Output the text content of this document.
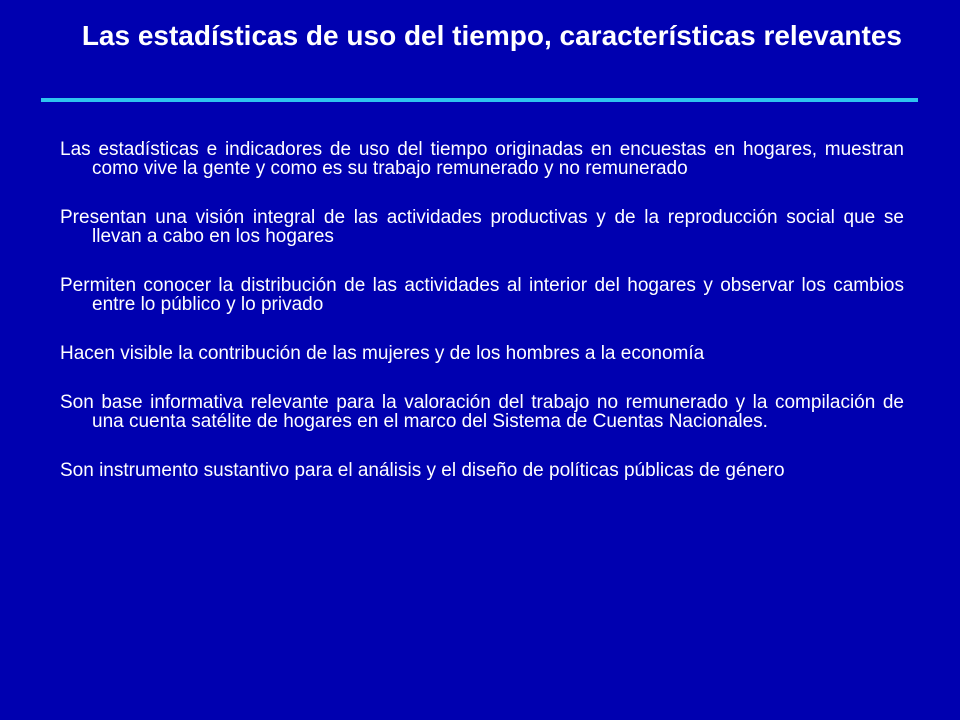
Las estadísticas de uso del tiempo, características relevantes

Las estadísticas e indicadores de uso del tiempo originadas en encuestas en hogares, muestran como vive la gente y como es su trabajo remunerado y no remunerado

Presentan una visión integral de las actividades productivas y de la reproducción social que se llevan a cabo en los hogares

Permiten conocer la distribución de las actividades al interior del hogares y observar los cambios entre lo público y lo privado

Hacen visible la contribución de las mujeres y de los hombres a la economía

Son base informativa relevante para la valoración del trabajo no remunerado y la compilación de una cuenta satélite de hogares en el marco del Sistema de Cuentas Nacionales.

Son instrumento sustantivo para el análisis y el diseño de políticas públicas de género
